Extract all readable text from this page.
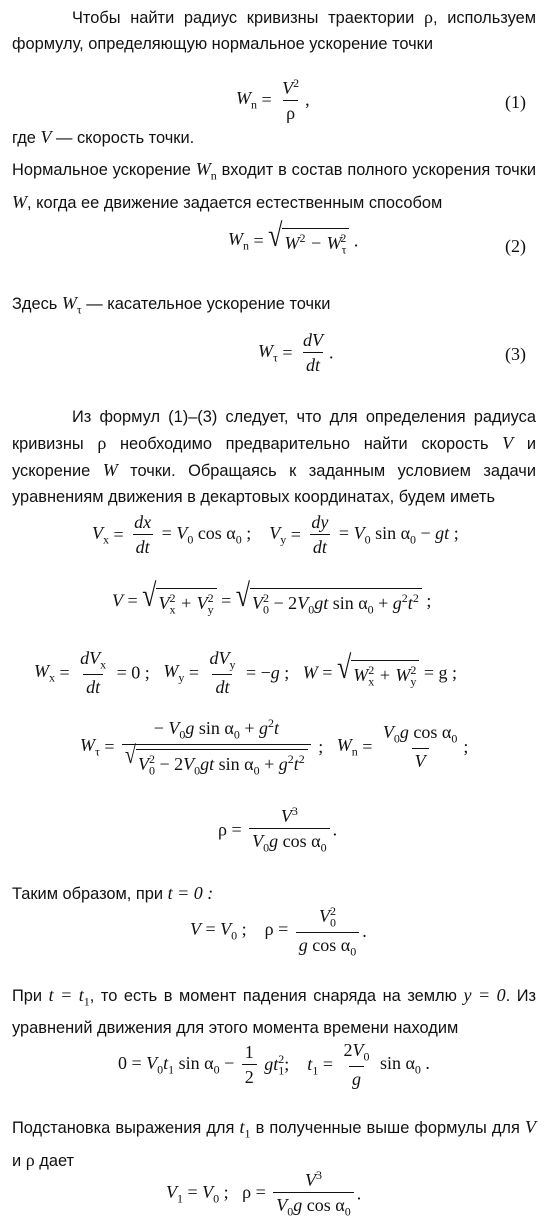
Чтобы найти радиус кривизны траектории ρ, используем формулу, определяющую нормальное ускорение точки

$W_n = \frac{V^2}{\rho}$ ,	(1)

где V — скорость точки.

Нормальное ускорение $W_n$ входит в состав полного ускорения точки W, когда ее движение задается естественным способом

$W_n$ = √ $W^2 - W_\tau^2$ .	(2)

Здесь $W_\tau$ — касательное ускорение точки

$W_\tau = \frac{dV}{dt}$ .	(3)

Из формул (1)–(3) следует, что для определения радиуса кривизны ρ необходимо предварительно найти скорость V и ускорение W точки. Обращаясь к заданным условием задачи уравнениям движения в декартовых координатах, будем иметь

$V_x = \frac{dx}{dt} = V_0$ $\cos \alpha_0$ ;    $V_y = \frac{dy}{dt} = V_0$ $\sin \alpha_0$ − gt ;
V = √ $V_x^2 + V_y^2$ = √ $V_0^2 - 2V_0gt$ $\sin \alpha_0 + g^2t^2$ ;
$W_x = \frac{dV_x}{dt} = 0$ ;   $W_y = \frac{dV_y}{dt} = -g$ ;   W = √ $W_x^2 + W_y^2 = g$ ;
$W_\tau = \frac{- V_0g \sin \alpha_0 + g^2t}{√ V_0^2 - 2V_0gt \sin \alpha_0 + g^2t^2}$ ;   $W_n = \frac{V_0g \cos \alpha_0}{V}$ ;
$\rho = \frac{V^3}{V_0g \cos \alpha_0}$ .

Таким образом, при t = 0 :

$V = V_0$ ;    $\rho = \frac{V_0^2}{g \cos \alpha_0}$ .

При $t = t_1$, то есть в момент падения снаряда на землю y = 0. Из уравнений движения для этого момента времени находим

$0 = V_0t_1$ $\sin \alpha_0 - \frac{1}{2} gt_1^2$;    $t_1 = \frac{2V_0}{g}$ $\sin \alpha_0$ .

Подстановка выражения для $t_1$ в полученные выше формулы для V и ρ дает

$V_1 = V_0$ ;   $\rho = \frac{V^3}{V_0g \cos \alpha_0}$ .
